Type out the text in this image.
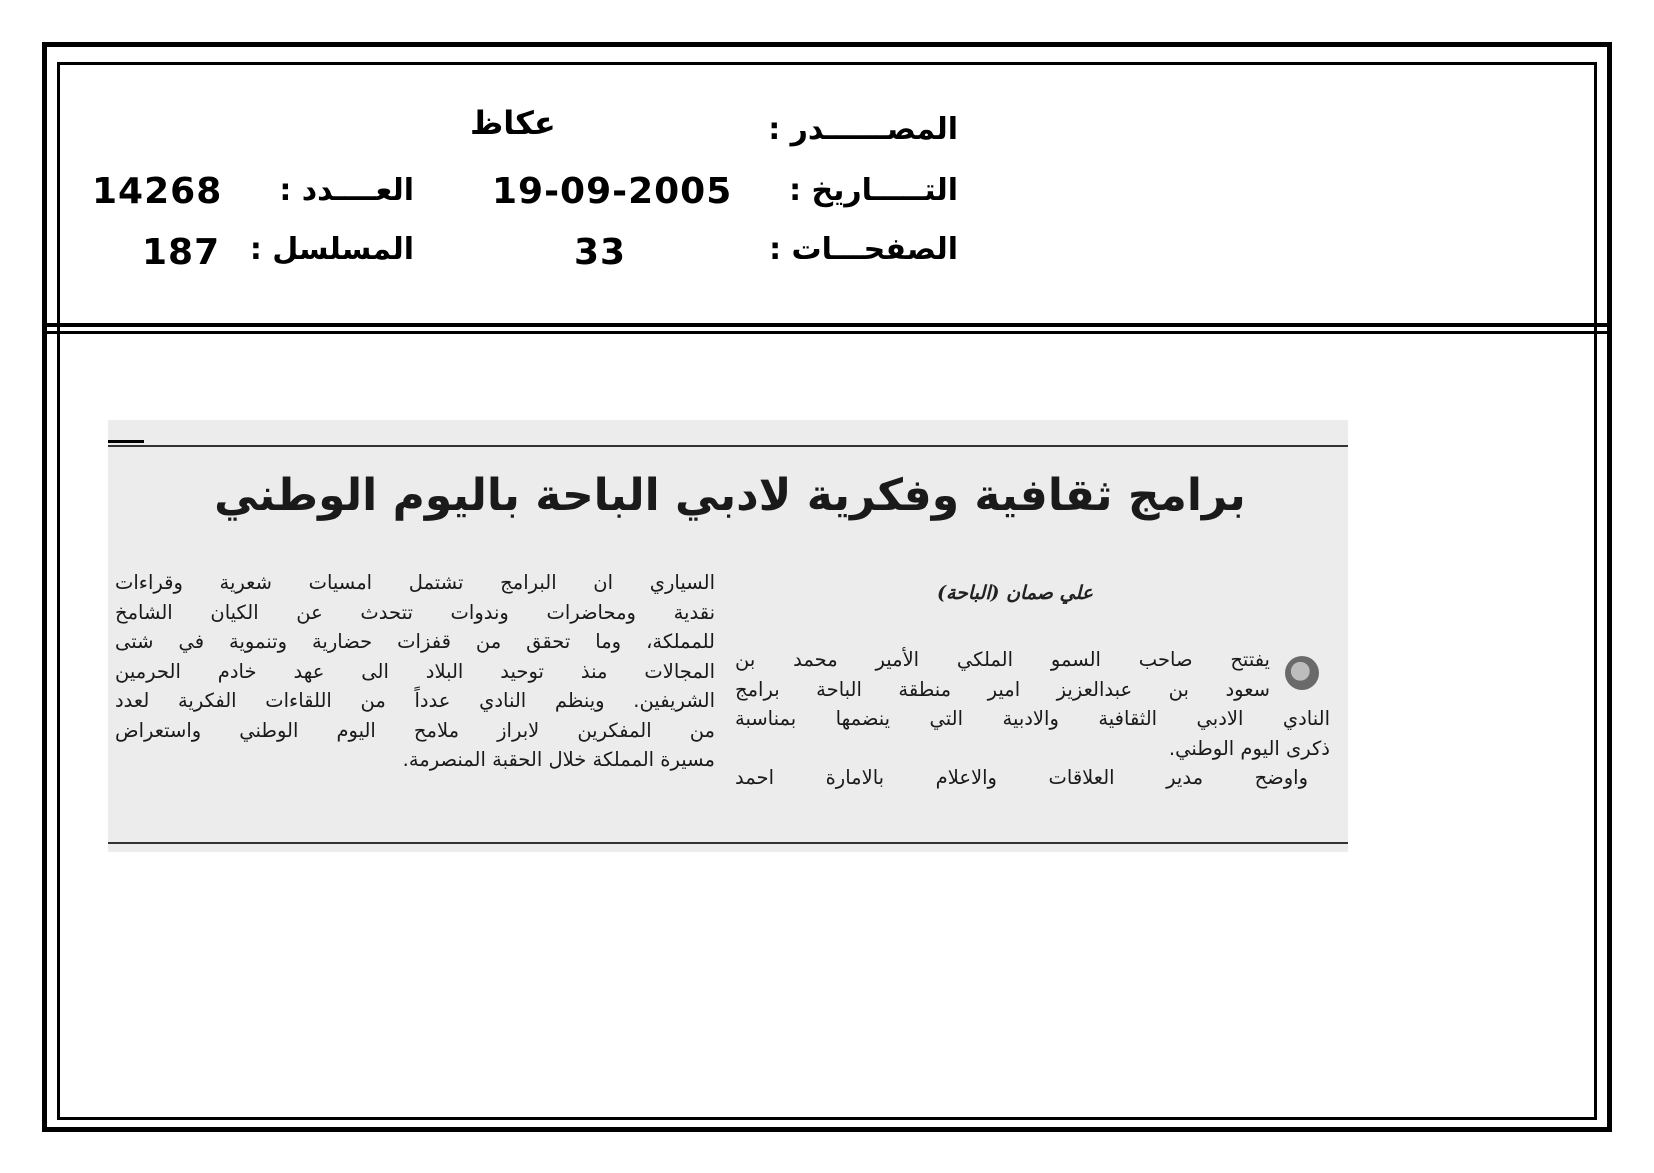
المصــــــدر :
عكاظ
التـــــاريخ :
19-09-2005
العــــدد :
14268
الصفحـــات :
33
المسلسل :
187
برامج ثقافية وفكرية لادبي الباحة باليوم الوطني
علي صمان (الباحة)
يفتتح صاحب السمو الملكي الأمير محمد بن
سعود بن عبدالعزيز امير منطقة الباحة برامج
النادي الادبي الثقافية والادبية التي ينضمها بمناسبة
ذكرى اليوم الوطني.
واوضح مدير العلاقات والاعلام بالامارة احمد
السياري ان البرامج تشتمل امسيات شعرية وقراءات
نقدية ومحاضرات وندوات تتحدث عن الكيان الشامخ
للمملكة، وما تحقق من قفزات حضارية وتنموية في شتى
المجالات منذ توحيد البلاد الى عهد خادم الحرمين
الشريفين. وينظم النادي عدداً من اللقاءات الفكرية لعدد
من المفكرين لابراز ملامح اليوم الوطني واستعراض
مسيرة المملكة خلال الحقبة المنصرمة.
